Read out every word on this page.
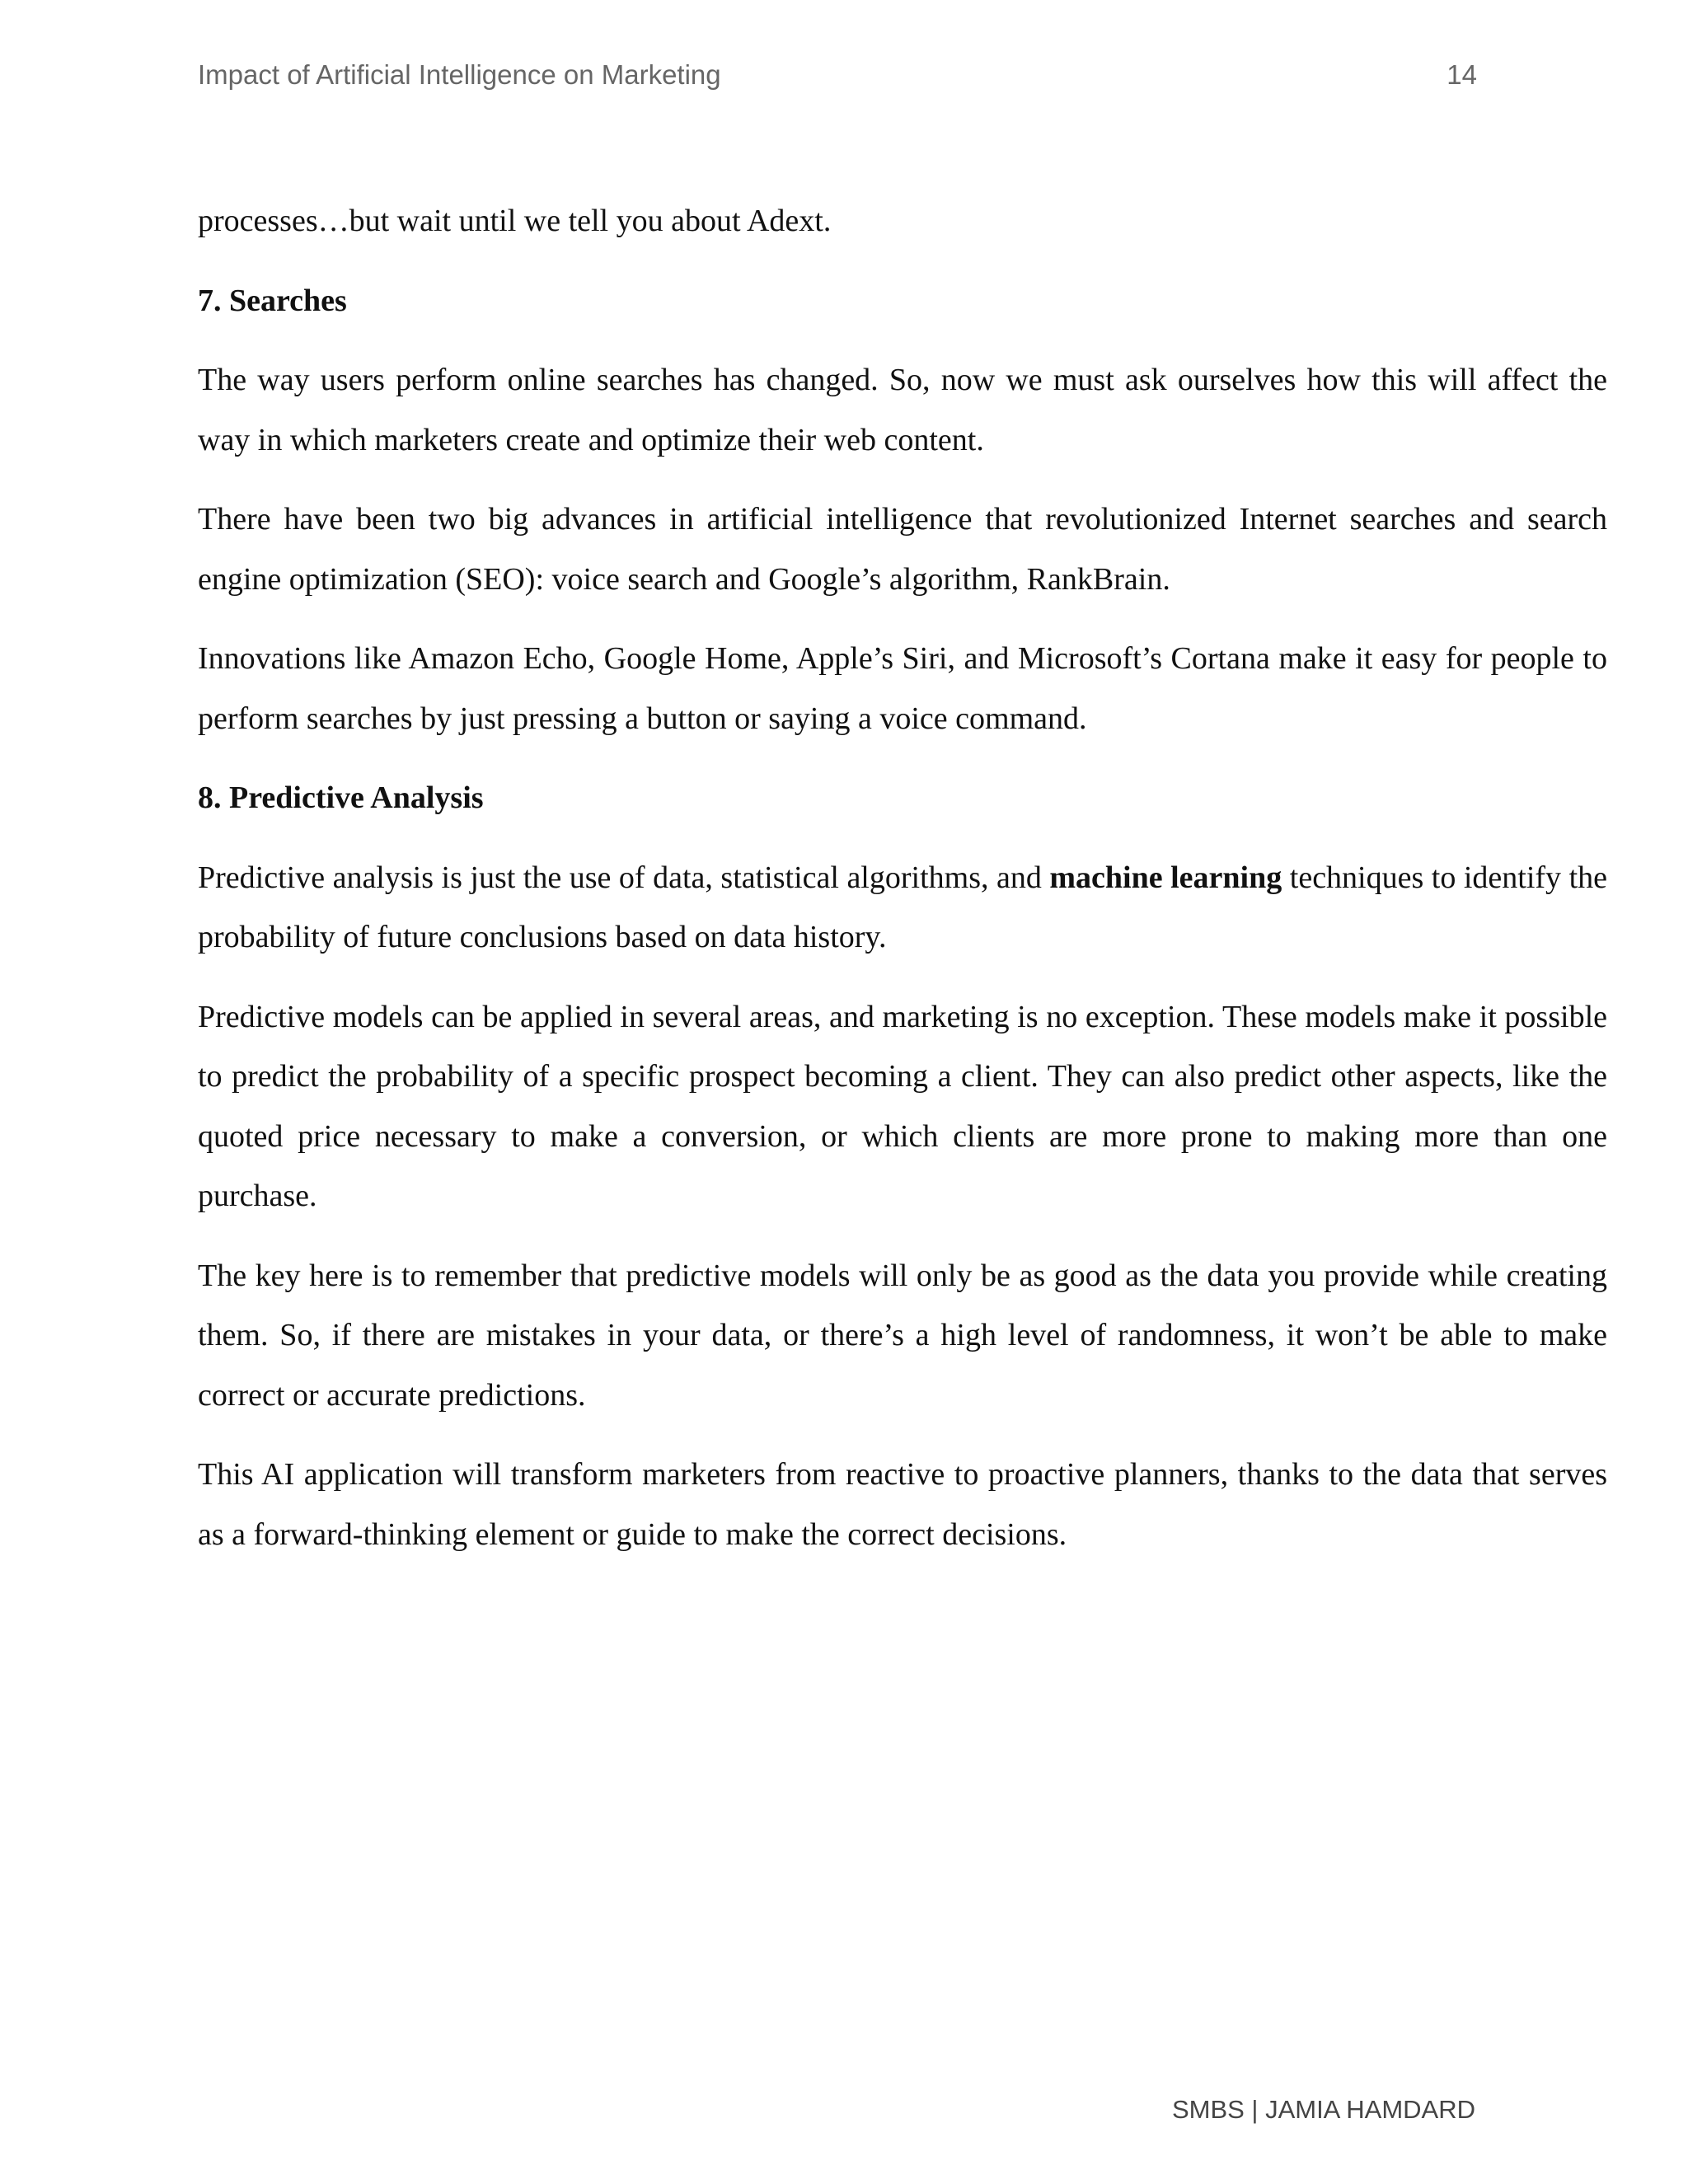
Impact of Artificial Intelligence on Marketing	14

processes…but wait until we tell you about Adext.

7. Searches

The way users perform online searches has changed. So, now we must ask ourselves how this will affect the way in which marketers create and optimize their web content.

There have been two big advances in artificial intelligence that revolutionized Internet searches and search engine optimization (SEO): voice search and Google’s algorithm, RankBrain.

Innovations like Amazon Echo, Google Home, Apple’s Siri, and Microsoft’s Cortana make it easy for people to perform searches by just pressing a button or saying a voice command.

8. Predictive Analysis

Predictive analysis is just the use of data, statistical algorithms, and machine learning techniques to identify the probability of future conclusions based on data history.

Predictive models can be applied in several areas, and marketing is no exception. These models make it possible to predict the probability of a specific prospect becoming a client. They can also predict other aspects, like the quoted price necessary to make a conversion, or which clients are more prone to making more than one purchase.

The key here is to remember that predictive models will only be as good as the data you provide while creating them. So, if there are mistakes in your data, or there’s a high level of randomness, it won’t be able to make correct or accurate predictions.

This AI application will transform marketers from reactive to proactive planners, thanks to the data that serves as a forward-thinking element or guide to make the correct decisions.

SMBS | JAMIA HAMDARD
